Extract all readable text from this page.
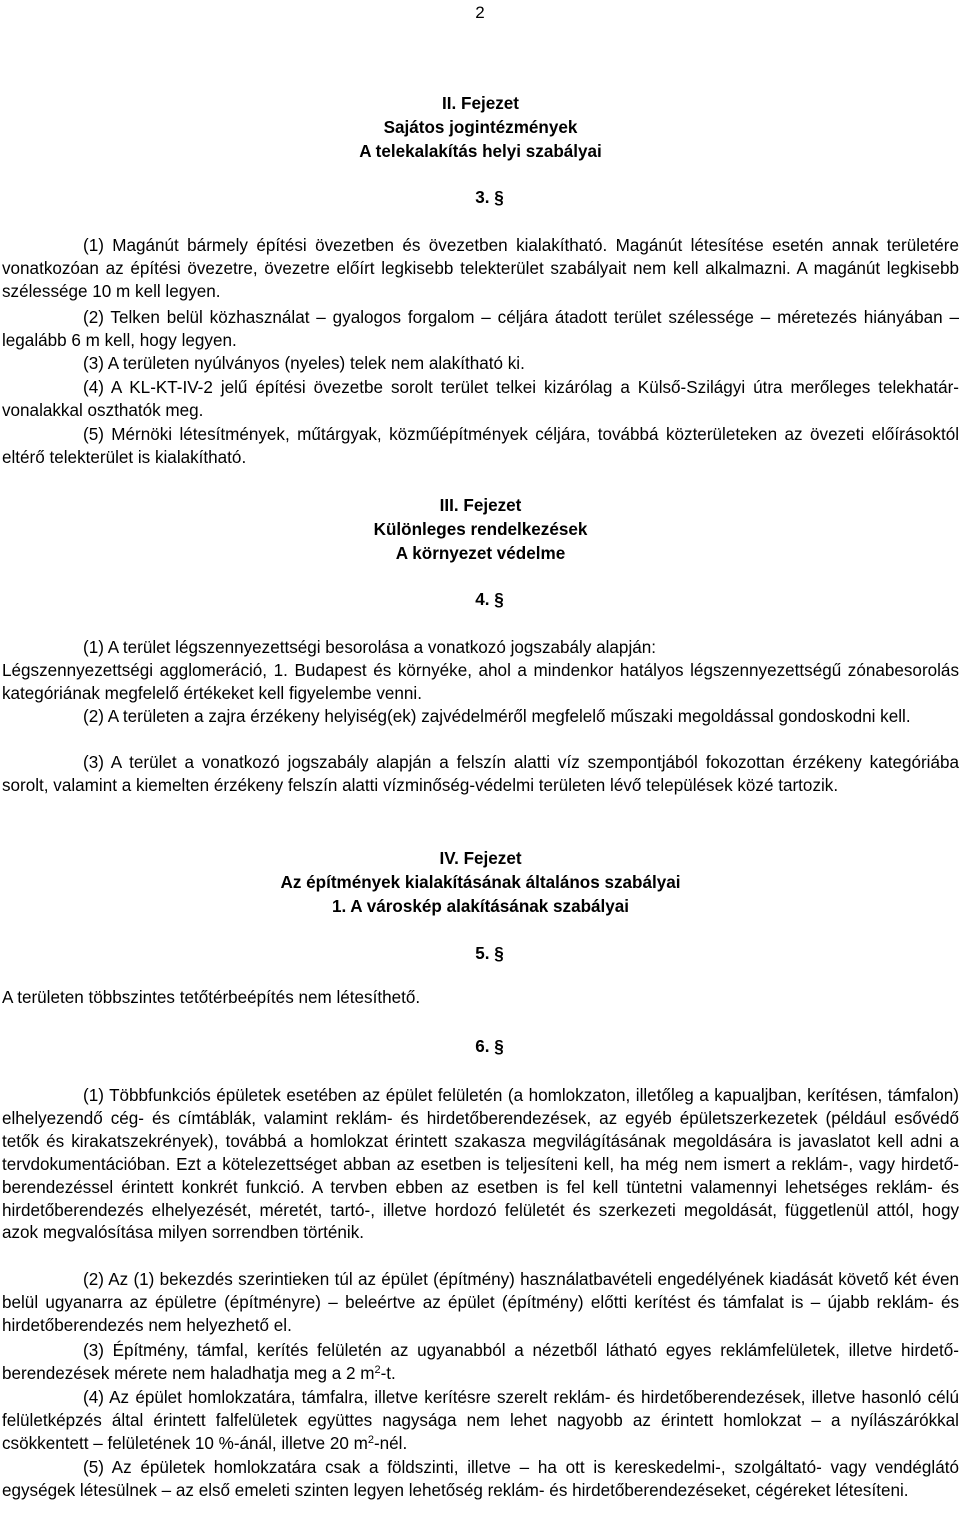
2
II. Fejezet
Sajátos jogintézmények
A telekalakítás helyi szabályai
3. §
(1) Magánút bármely építési övezetben és övezetben kialakítható. Magánút létesítése esetén annak területére vonatkozóan az építési övezetre, övezetre előírt legkisebb telekterület szabályait nem kell alkalmazni. A magánút legkisebb szélessége 10 m kell legyen.
(2) Telken belül közhasználat – gyalogos forgalom – céljára átadott terület szélessége – méretezés hiányában – legalább 6 m kell, hogy legyen.
(3) A területen nyúlványos (nyeles) telek nem alakítható ki.
(4) A KL-KT-IV-2 jelű építési övezetbe sorolt terület telkei kizárólag a Külső-Szilágyi útra merőleges telekhatár-vonalakkal oszthatók meg.
(5) Mérnöki létesítmények, műtárgyak, közműépítmények céljára, továbbá közterületeken az övezeti előírásoktól eltérő telekterület is kialakítható.
III. Fejezet
Különleges rendelkezések
A környezet védelme
4. §
(1) A terület légszennyezettségi besorolása a vonatkozó jogszabály alapján:
Légszennyezettségi agglomeráció, 1. Budapest és környéke, ahol a mindenkor hatályos légszennyezettségű zónabesorolás kategóriának megfelelő értékeket kell figyelembe venni.
(2) A területen a zajra érzékeny helyiség(ek) zajvédelméről megfelelő műszaki megoldással gondoskodni kell.
(3) A terület a vonatkozó jogszabály alapján a felszín alatti víz szempontjából fokozottan érzékeny kategóriába sorolt, valamint a kiemelten érzékeny felszín alatti vízminőség-védelmi területen lévő települések közé tartozik.
IV. Fejezet
Az építmények kialakításának általános szabályai
1. A városkép alakításának szabályai
5. §
A területen többszintes tetőtérbeépítés nem létesíthető.
6. §
(1) Többfunkciós épületek esetében az épület felületén (a homlokzaton, illetőleg a kapualjban, kerítésen, támfalon) elhelyezendő cég- és címtáblák, valamint reklám- és hirdetőberendezések, az egyéb épületszerkezetek (például esővédő tetők és kirakatszekrények), továbbá a homlokzat érintett szakasza megvilágításának megoldására is javaslatot kell adni a tervdokumentációban. Ezt a kötelezettséget abban az esetben is teljesíteni kell, ha még nem ismert a reklám-, vagy hirdető-berendezéssel érintett konkrét funkció. A tervben ebben az esetben is fel kell tüntetni valamennyi lehetséges reklám- és hirdetőberendezés elhelyezését, méretét, tartó-, illetve hordozó felületét és szerkezeti megoldását, függetlenül attól, hogy azok megvalósítása milyen sorrendben történik.
(2) Az (1) bekezdés szerintieken túl az épület (építmény) használatbavételi engedélyének kiadását követő két éven belül ugyanarra az épületre (építményre) – beleértve az épület (építmény) előtti kerítést és támfalat is – újabb reklám- és hirdetőberendezés nem helyezhető el.
(3) Építmény, támfal, kerítés felületén az ugyanabból a nézetből látható egyes reklámfelületek, illetve hirdető-berendezések mérete nem haladhatja meg a 2 $m^2-t$.
(4) Az épület homlokzatára, támfalra, illetve kerítésre szerelt reklám- és hirdetőberendezések, illetve hasonló célú felületképzés által érintett falfelületek együttes nagysága nem lehet nagyobb az érintett homlokzat – a nyílászárókkal csökkentett – felületének 10 %-ánál, illetve 20 $m^2$-nél.
(5) Az épületek homlokzatára csak a földszinti, illetve – ha ott is kereskedelmi-, szolgáltató- vagy vendéglátó egységek létesülnek – az első emeleti szinten legyen lehetőség reklám- és hirdetőberendezéseket, cégéreket létesíteni.
